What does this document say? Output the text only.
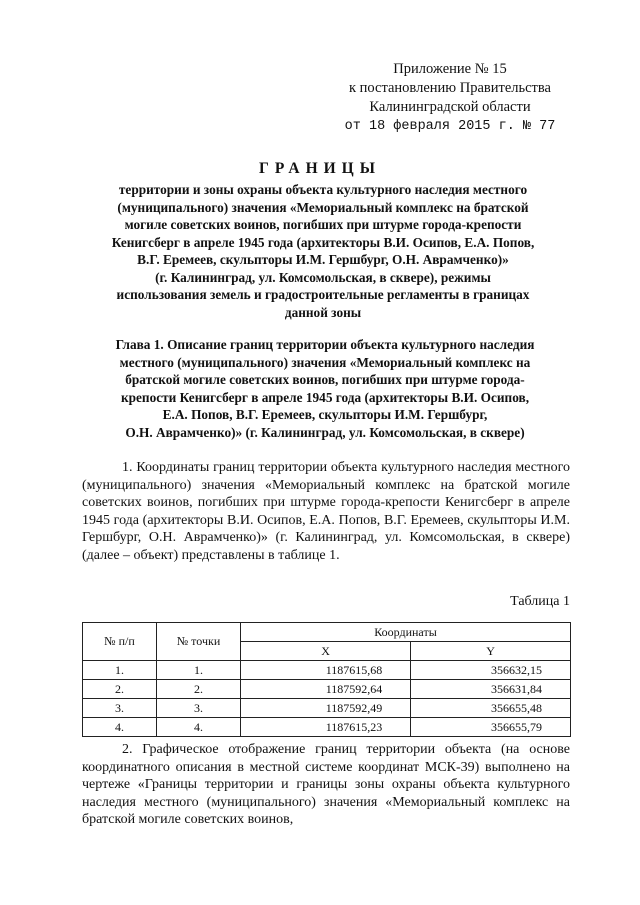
Приложение № 15
к постановлению Правительства
Калининградской области
от 18 февраля 2015 г. № 77
ГРАНИЦЫ
территории и зоны охраны объекта культурного наследия местного
(муниципального) значения «Мемориальный комплекс на братской
могиле советских воинов, погибших при штурме города-крепости
Кенигсберг в апреле 1945 года (архитекторы В.И. Осипов, Е.А. Попов,
В.Г. Еремеев, скульпторы И.М. Гершбург, О.Н. Аврамченко)»
(г. Калининград, ул. Комсомольская, в сквере), режимы
использования земель и градостроительные регламенты в границах
данной зоны
Глава 1. Описание границ территории объекта культурного наследия
местного (муниципального) значения «Мемориальный комплекс на
братской могиле советских воинов, погибших при штурме города-
крепости Кенигсберг в апреле 1945 года (архитекторы В.И. Осипов,
Е.А. Попов, В.Г. Еремеев, скульпторы И.М. Гершбург,
О.Н. Аврамченко)» (г. Калининград, ул. Комсомольская, в сквере)
1. Координаты границ территории объекта культурного наследия местного (муниципального) значения «Мемориальный комплекс на братской могиле советских воинов, погибших при штурме города-крепости Кенигсберг в апреле 1945 года (архитекторы В.И. Осипов, Е.А. Попов, В.Г. Еремеев, скульпторы И.М. Гершбург, О.Н. Аврамченко)» (г. Калининград, ул. Комсомольская, в сквере) (далее – объект) представлены в таблице 1.
Таблица 1
№ п/п	№ точки	Координаты	
		X	Y
1.	1.	1187615,68	356632,15
2.	2.	1187592,64	356631,84
3.	3.	1187592,49	356655,48
4.	4.	1187615,23	356655,79
2. Графическое отображение границ территории объекта (на основе координатного описания в местной системе координат МСК-39) выполнено на чертеже «Границы территории и границы зоны охраны объекта культурного наследия местного (муниципального) значения «Мемориальный комплекс на братской могиле советских воинов,
